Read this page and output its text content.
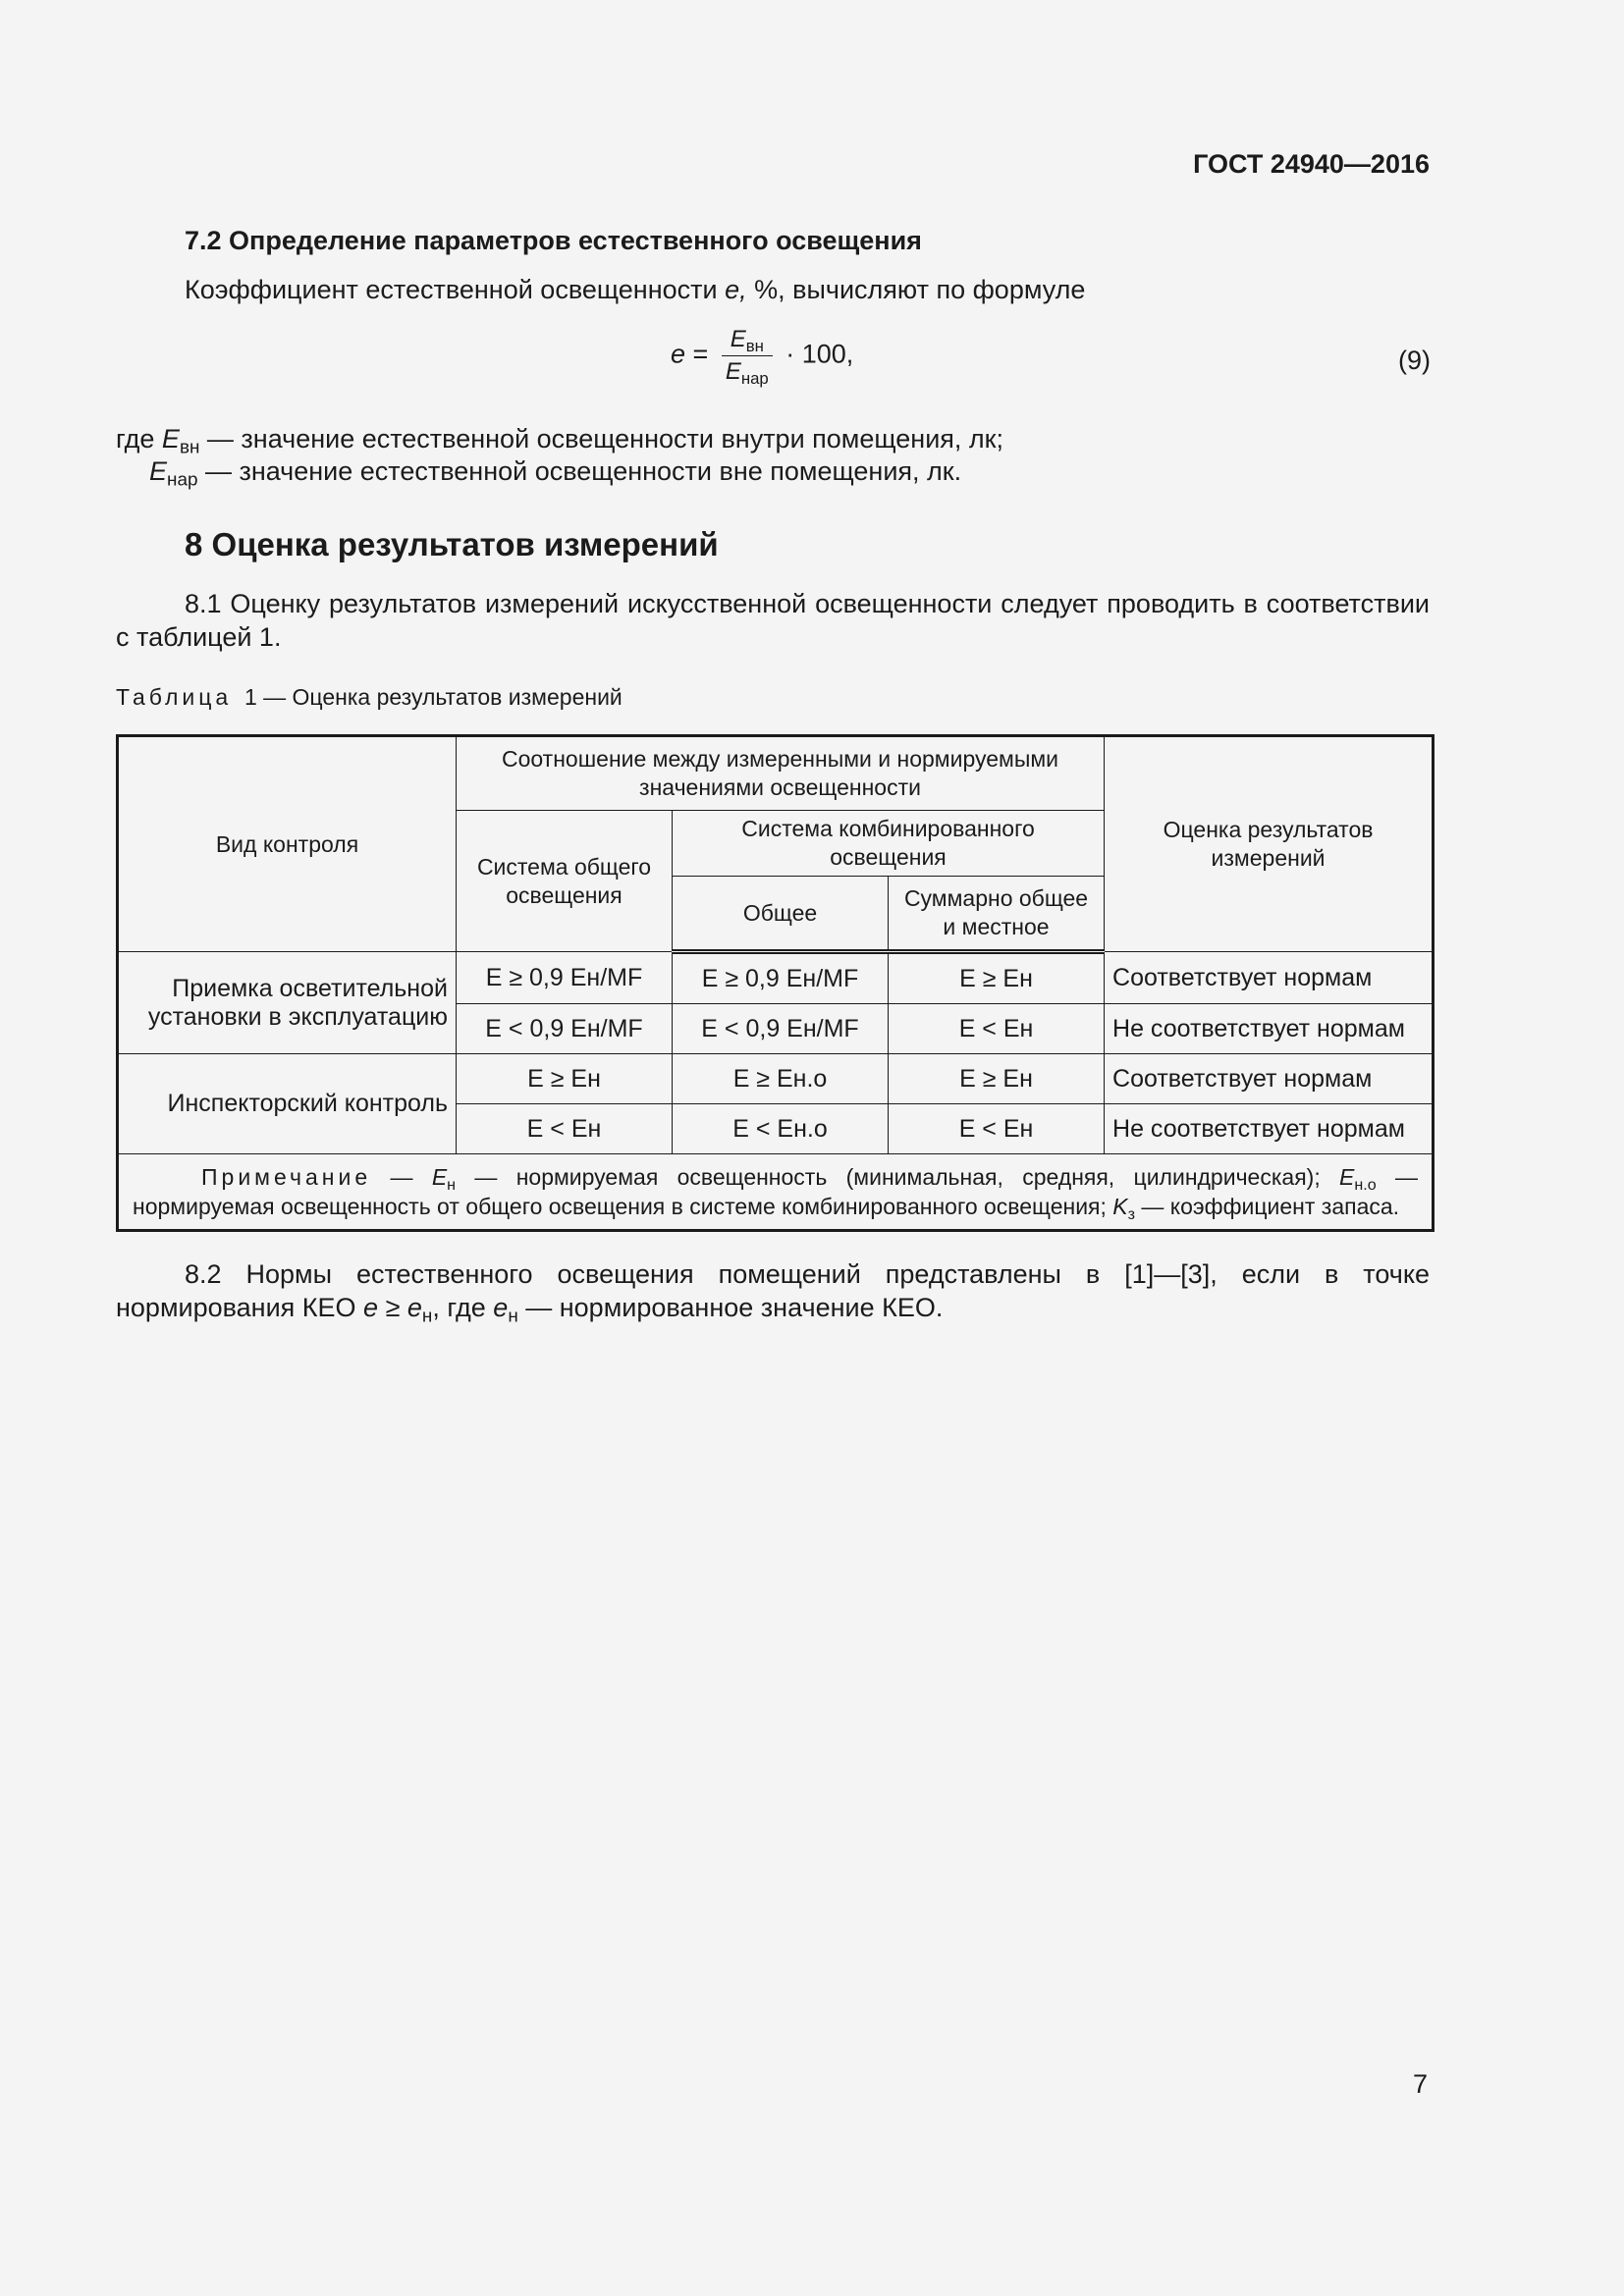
ГОСТ 24940—2016
7.2 Определение параметров естественного освещения
Коэффициент естественной освещенности e, %, вычисляют по формуле
$e = \frac{E_{вн}}{E_{нар}} \cdot 100$,	(9)
где $E_{вн}$ — значение естественной освещенности внутри помещения, лк;
$E_{нар}$ — значение естественной освещенности вне помещения, лк.
8 Оценка результатов измерений
8.1 Оценку результатов измерений искусственной освещенности следует проводить в соответствии с таблицей 1.
Таблица 1 — Оценка результатов измерений
Вид контроля	Соотношение между измеренными и нормируемыми значениями освещенности			Оценка результатов измерений
	Система общего освещения	Система комбинированного освещения		
		Общее	Суммарно общее и местное	
Приемка осветительной установки в эксплуатацию	E ≥ 0,9 Eн/MF	E ≥ 0,9 Eн/MF	E ≥ Eн	Соответствует нормам
	E < 0,9 Eн/MF	E < 0,9 Eн/MF	E < Eн	Не соответствует нормам
Инспекторский контроль	E ≥ Eн	E ≥ Eн.о	E ≥ Eн	Соответствует нормам
	E < Eн	E < Eн.о	E < Eн	Не соответствует нормам
Примечание — $E_н$ — нормируемая освещенность (минимальная, средняя, цилиндрическая); $E_{н.о}$ — нормируемая освещенность от общего освещения в системе комбинированного освещения; $K_з$ — коэффициент запаса.				
8.2 Нормы естественного освещения помещений представлены в [1]—[3], если в точке нормирования КЕО $e \ge e_н$, где $e_н$ — нормированное значение КЕО.
7
